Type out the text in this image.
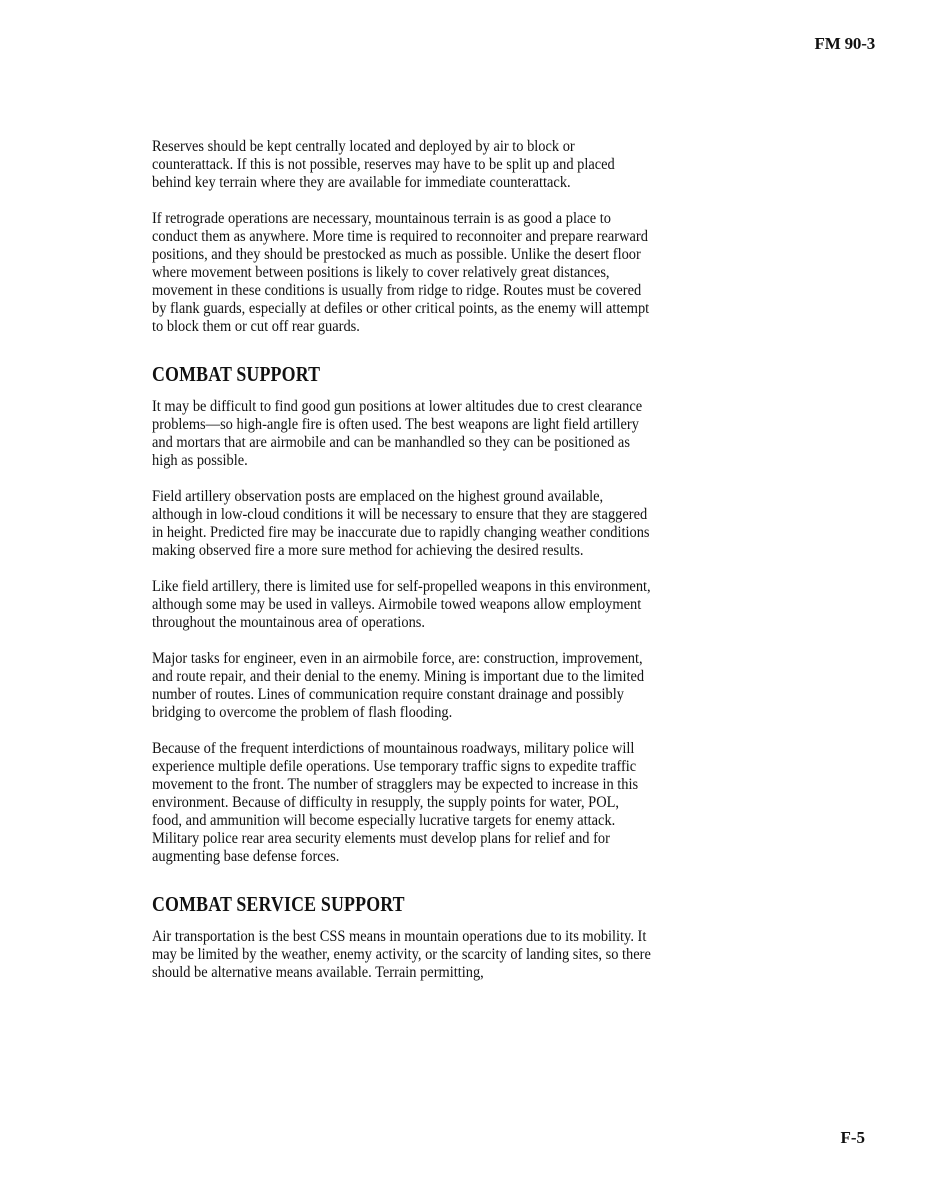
FM 90-3

Reserves should be kept centrally located and deployed by air to block or counterattack. If this is not possible, reserves may have to be split up and placed behind key terrain where they are available for immediate counterattack.

If retrograde operations are necessary, mountainous terrain is as good a place to conduct them as anywhere. More time is required to reconnoiter and prepare rearward positions, and they should be prestocked as much as possible. Unlike the desert floor where movement between positions is likely to cover relatively great distances, movement in these conditions is usually from ridge to ridge. Routes must be covered by flank guards, especially at defiles or other critical points, as the enemy will attempt to block them or cut off rear guards.

COMBAT SUPPORT

It may be difficult to find good gun positions at lower altitudes due to crest clearance problems—so high-angle fire is often used. The best weapons are light field artillery and mortars that are airmobile and can be manhandled so they can be positioned as high as possible.

Field artillery observation posts are emplaced on the highest ground available, although in low-cloud conditions it will be necessary to ensure that they are staggered in height. Predicted fire may be inaccurate due to rapidly changing weather conditions making observed fire a more sure method for achieving the desired results.

Like field artillery, there is limited use for self-propelled weapons in this environment, although some may be used in valleys. Airmobile towed weapons allow employment throughout the mountainous area of operations.

Major tasks for engineer, even in an airmobile force, are: construction, improvement, and route repair, and their denial to the enemy. Mining is important due to the limited number of routes. Lines of communication require constant drainage and possibly bridging to overcome the problem of flash flooding.

Because of the frequent interdictions of mountainous roadways, military police will experience multiple defile operations. Use temporary traffic signs to expedite traffic movement to the front. The number of stragglers may be expected to increase in this environment. Because of difficulty in resupply, the supply points for water, POL, food, and ammunition will become especially lucrative targets for enemy attack. Military police rear area security elements must develop plans for relief and for augmenting base defense forces.

COMBAT SERVICE SUPPORT

Air transportation is the best CSS means in mountain operations due to its mobility. It may be limited by the weather, enemy activity, or the scarcity of landing sites, so there should be alternative means available. Terrain permitting,

F-5
